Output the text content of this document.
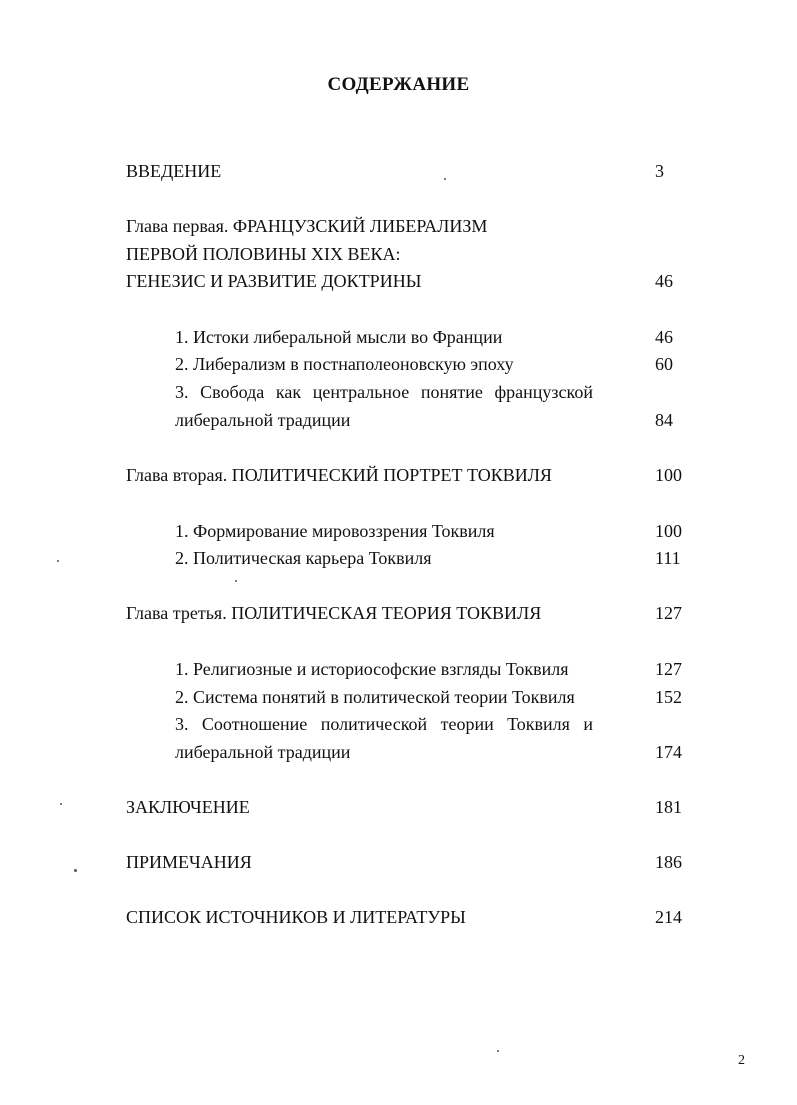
СОДЕРЖАНИЕ
ВВЕДЕНИЕ	3
Глава первая. ФРАНЦУЗСКИЙ ЛИБЕРАЛИЗМ
ПЕРВОЙ ПОЛОВИНЫ XIX ВЕКА:
ГЕНЕЗИС И РАЗВИТИЕ ДОКТРИНЫ	46
1. Истоки либеральной мысли во Франции	46
2. Либерализм в постнаполеоновскую эпоху	60
3. Свобода как центральное понятие французской
либеральной традиции	84
Глава вторая. ПОЛИТИЧЕСКИЙ ПОРТРЕТ ТОКВИЛЯ	100
1. Формирование мировоззрения Токвиля	100
2. Политическая карьера Токвиля	111
Глава третья. ПОЛИТИЧЕСКАЯ ТЕОРИЯ ТОКВИЛЯ	127
1. Религиозные и историософские взгляды Токвиля	127
2. Система понятий в политической теории Токвиля	152
3. Соотношение политической теории Токвиля и
либеральной традиции	174
ЗАКЛЮЧЕНИЕ	181
ПРИМЕЧАНИЯ	186
СПИСОК ИСТОЧНИКОВ И ЛИТЕРАТУРЫ	214
2
